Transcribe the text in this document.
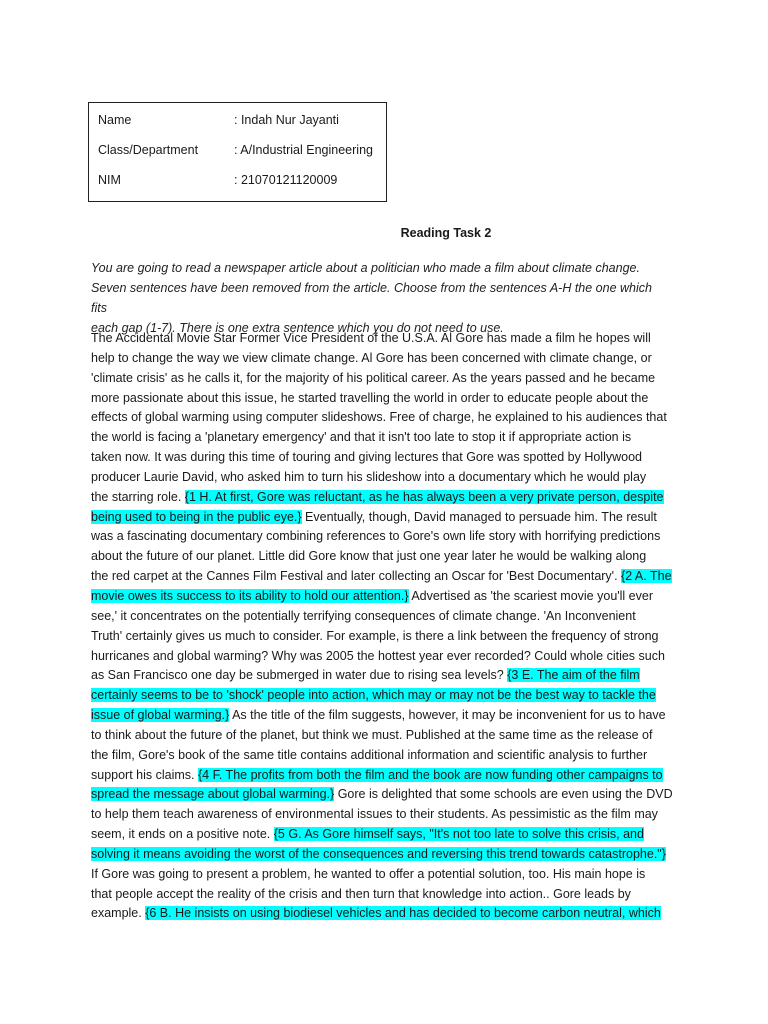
Name	: Indah Nur Jayanti
Class/Department	: A/Industrial Engineering
NIM	: 21070121120009
Reading Task 2
You are going to read a newspaper article about a politician who made a film about climate change.
Seven sentences have been removed from the article. Choose from the sentences A-H the one which fits
each gap (1-7). There is one extra sentence which you do not need to use.
The Accidental Movie Star Former Vice President of the U.S.A. Al Gore has made a film he hopes will
help to change the way we view climate change. Al Gore has been concerned with climate change, or
'climate crisis' as he calls it, for the majority of his political career. As the years passed and he became
more passionate about this issue, he started travelling the world in order to educate people about the
effects of global warming using computer slideshows. Free of charge, he explained to his audiences that
the world is facing a 'planetary emergency' and that it isn't too late to stop it if appropriate action is
taken now. It was during this time of touring and giving lectures that Gore was spotted by Hollywood
producer Laurie David, who asked him to turn his slideshow into a documentary which he would play
the starring role. {1 H. At first, Gore was reluctant, as he has always been a very private person, despite
being used to being in the public eye.} Eventually, though, David managed to persuade him. The result
was a fascinating documentary combining references to Gore's own life story with horrifying predictions
about the future of our planet. Little did Gore know that just one year later he would be walking along
the red carpet at the Cannes Film Festival and later collecting an Oscar for 'Best Documentary'. {2 A. The
movie owes its success to its ability to hold our attention.} Advertised as 'the scariest movie you'll ever
see,' it concentrates on the potentially terrifying consequences of climate change. 'An Inconvenient
Truth' certainly gives us much to consider. For example, is there a link between the frequency of strong
hurricanes and global warming? Why was 2005 the hottest year ever recorded? Could whole cities such
as San Francisco one day be submerged in water due to rising sea levels? {3 E. The aim of the film
certainly seems to be to 'shock' people into action, which may or may not be the best way to tackle the
issue of global warming.} As the title of the film suggests, however, it may be inconvenient for us to have
to think about the future of the planet, but think we must. Published at the same time as the release of
the film, Gore's book of the same title contains additional information and scientific analysis to further
support his claims. {4 F. The profits from both the film and the book are now funding other campaigns to
spread the message about global warming.} Gore is delighted that some schools are even using the DVD
to help them teach awareness of environmental issues to their students. As pessimistic as the film may
seem, it ends on a positive note. {5 G. As Gore himself says, "It's not too late to solve this crisis, and
solving it means avoiding the worst of the consequences and reversing this trend towards catastrophe."}
If Gore was going to present a problem, he wanted to offer a potential solution, too. His main hope is
that people accept the reality of the crisis and then turn that knowledge into action.. Gore leads by
example. {6 B. He insists on using biodiesel vehicles and has decided to become carbon neutral, which
